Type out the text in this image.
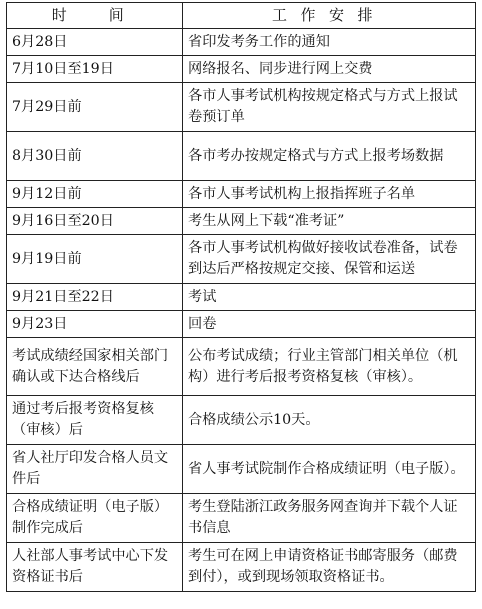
时　间	工作安排
6月28日	省印发考务工作的通知
7月10日至19日	网络报名、同步进行网上交费
7月29日前	各市人事考试机构按规定格式与方式上报试卷预订单
8月30日前	各市考办按规定格式与方式上报考场数据
9月12日前	各市人事考试机构上报指挥班子名单
9月16日至20日	考生从网上下载“准考证”
9月19日前	各市人事考试机构做好接收试卷准备，试卷到达后严格按规定交接、保管和运送
9月21日至22日	考试
9月23日	回卷
考试成绩经国家相关部门确认或下达合格线后	公布考试成绩；行业主管部门相关单位（机构）进行考后报考资格复核（审核）。
通过考后报考资格复核（审核）后	合格成绩公示10天。
省人社厅印发合格人员文件后	省人事考试院制作合格成绩证明（电子版）。
合格成绩证明（电子版）制作完成后	考生登陆浙江政务服务网查询并下载个人证书信息
人社部人事考试中心下发资格证书后	考生可在网上申请资格证书邮寄服务（邮费到付），或到现场领取资格证书。
